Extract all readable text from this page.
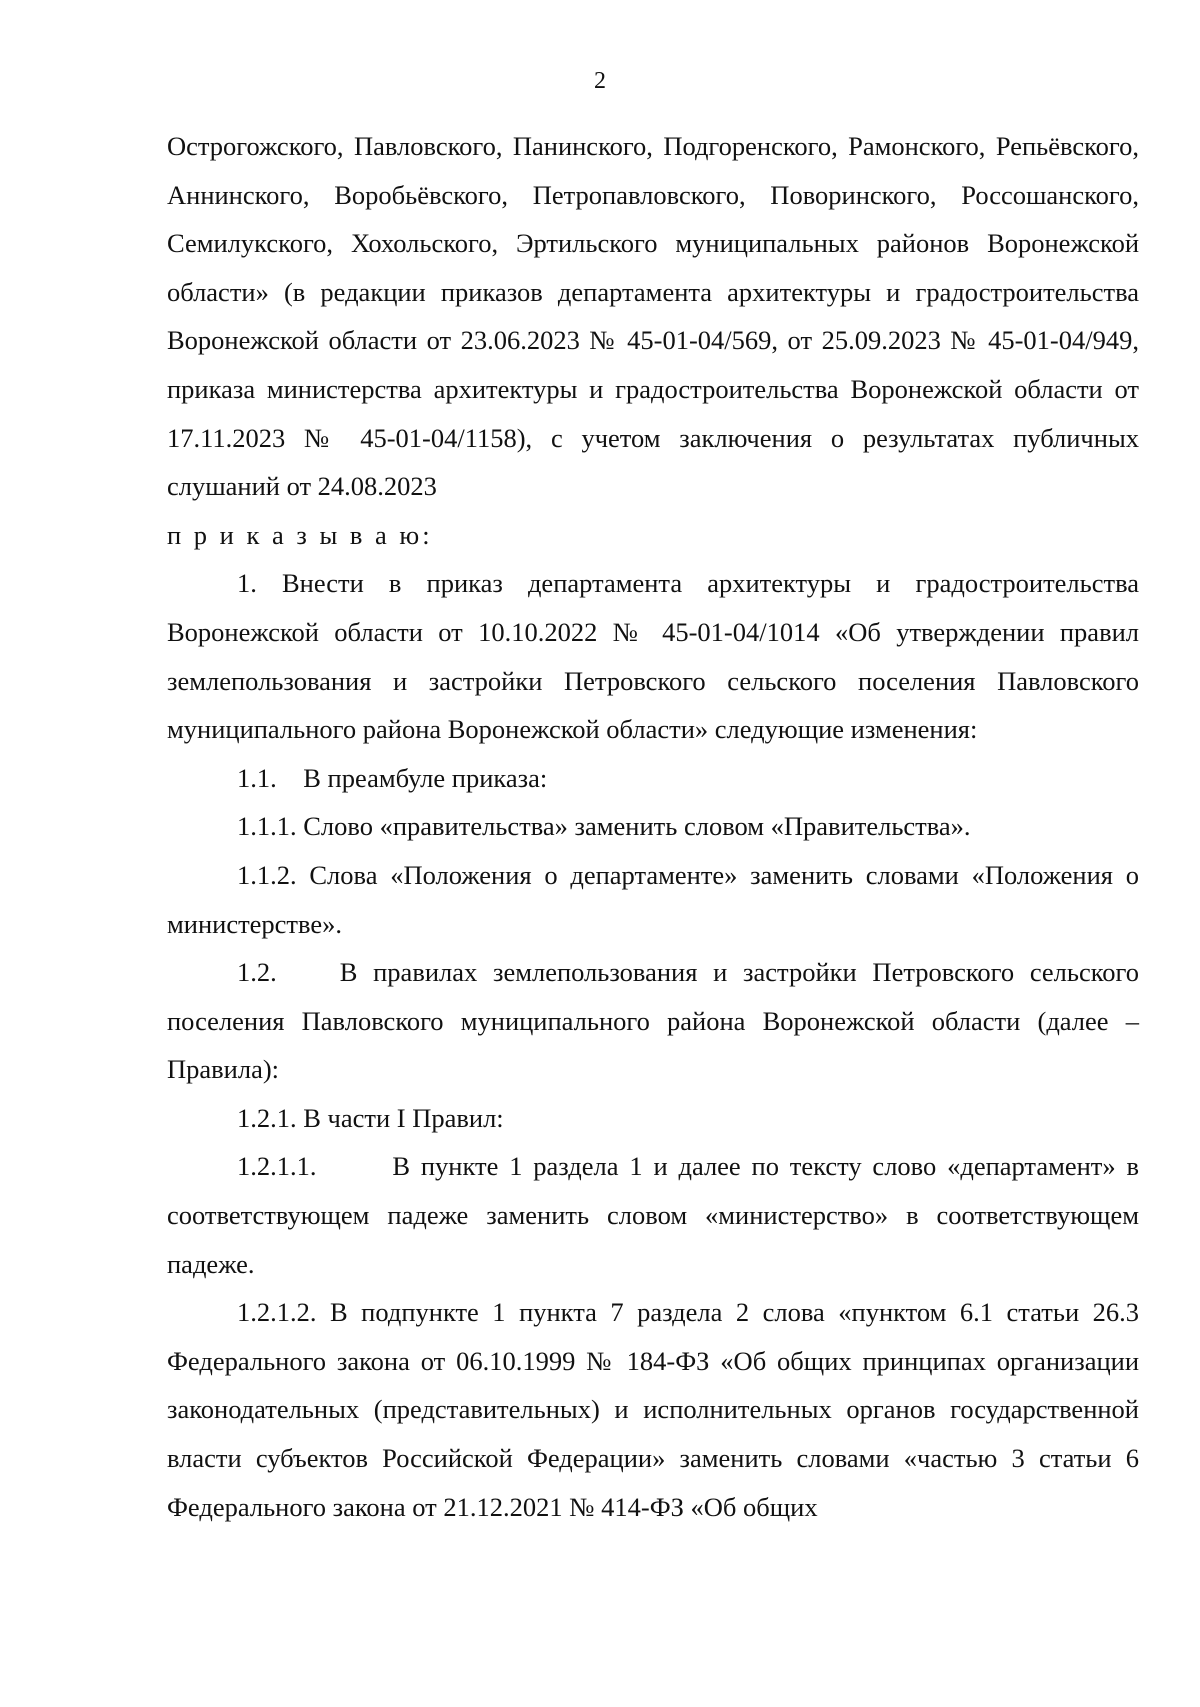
2

Острогожского, Павловского, Панинского, Подгоренского, Рамонского, Репьёвского, Аннинского, Воробьёвского, Петропавловского, Поворинского, Россошанского, Семилукского, Хохольского, Эртильского муниципальных районов Воронежской области» (в редакции приказов департамента архитектуры и градостроительства Воронежской области от 23.06.2023 № 45-01-04/569, от 25.09.2023 № 45-01-04/949, приказа министерства архитектуры и градостроительства Воронежской области от 17.11.2023 № 45-01-04/1158), с учетом заключения о результатах публичных слушаний от 24.08.2023

п р и к а з ы в а ю:

1. Внести в приказ департамента архитектуры и градостроительства Воронежской области от 10.10.2022 № 45-01-04/1014 «Об утверждении правил землепользования и застройки Петровского сельского поселения Павловского муниципального района Воронежской области» следующие изменения:

1.1.    В преамбуле приказа:

1.1.1. Слово «правительства» заменить словом «Правительства».

1.1.2. Слова «Положения о департаменте» заменить словами «Положения о министерстве».

1.2.    В правилах землепользования и застройки Петровского сельского поселения Павловского муниципального района Воронежской области (далее – Правила):

1.2.1. В части I Правил:

1.2.1.1.       В пункте 1 раздела 1 и далее по тексту слово «департамент» в соответствующем падеже заменить словом «министерство» в соответствующем падеже.

1.2.1.2. В подпункте 1 пункта 7 раздела 2 слова «пунктом 6.1 статьи 26.3 Федерального закона от 06.10.1999 № 184-ФЗ «Об общих принципах организации законодательных (представительных) и исполнительных органов государственной власти субъектов Российской Федерации» заменить словами «частью 3 статьи 6 Федерального закона от 21.12.2021 № 414-ФЗ «Об общих
